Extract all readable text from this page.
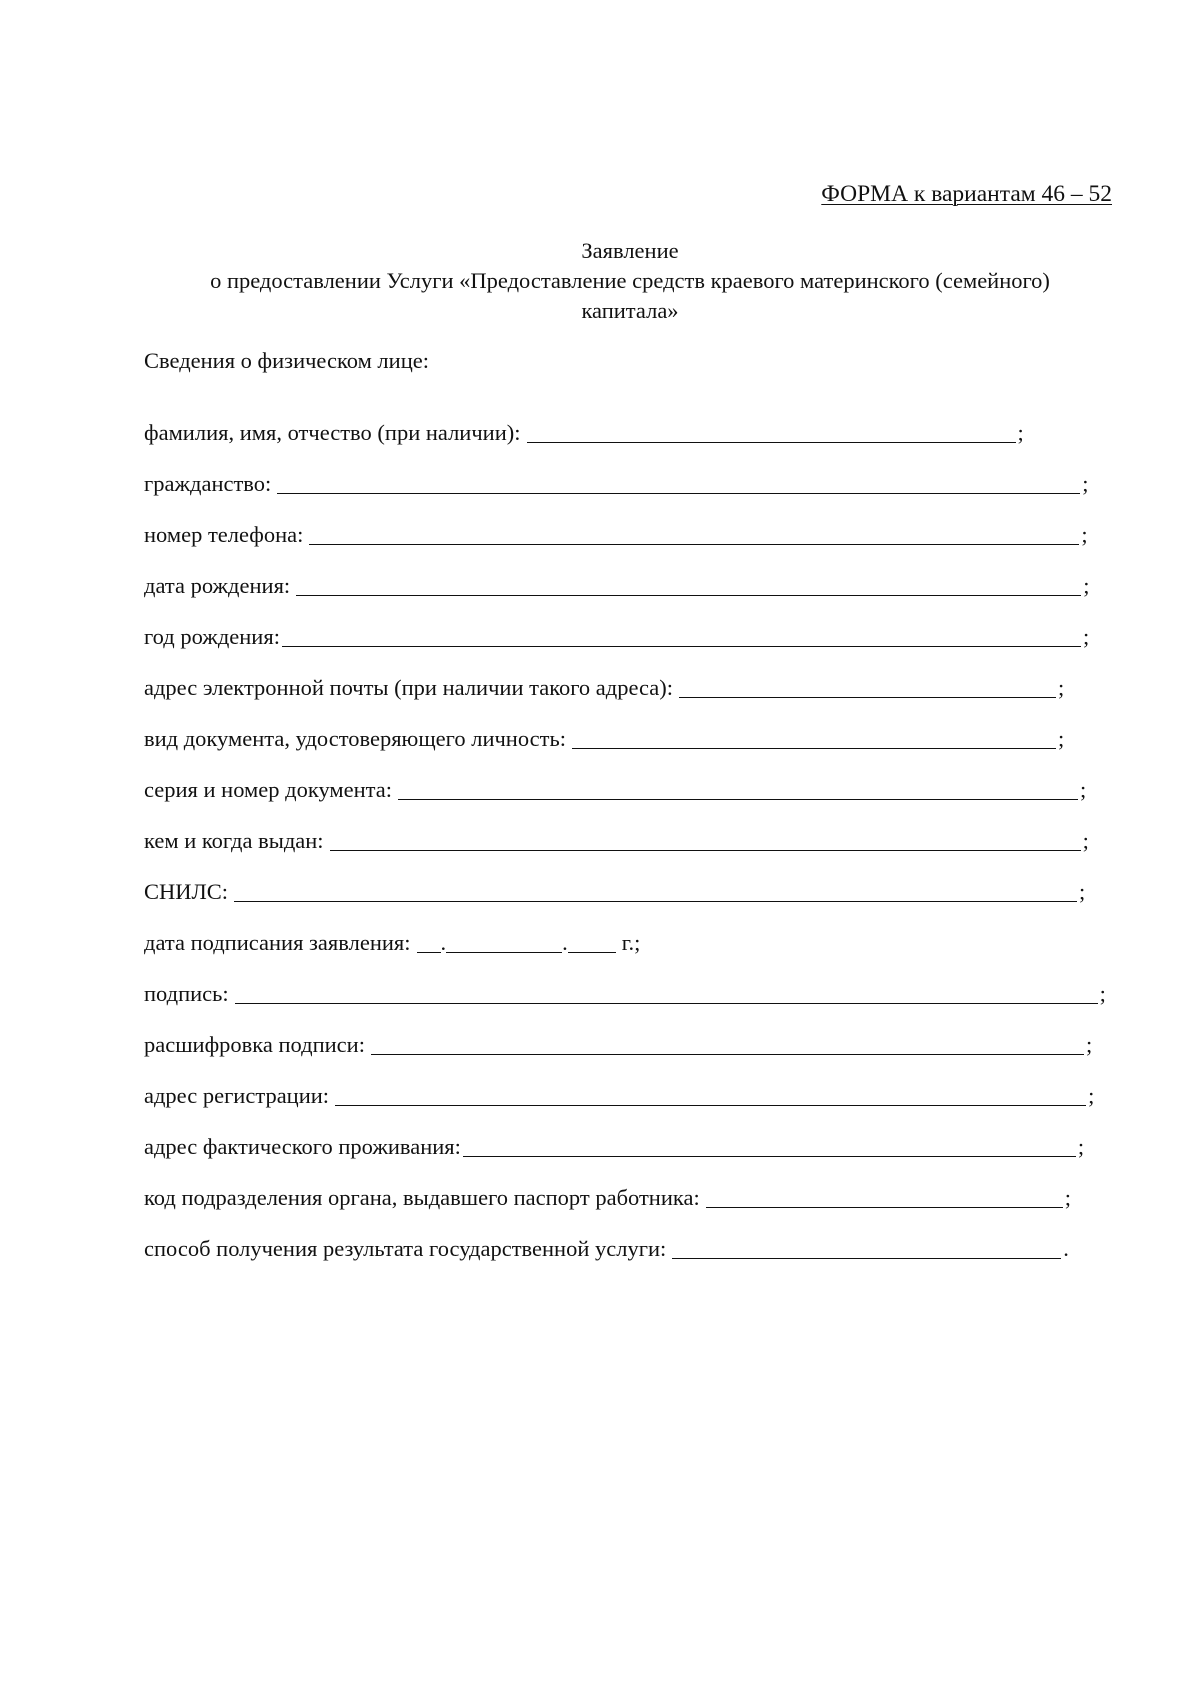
ФОРМА к вариантам 46 – 52
Заявление
о предоставлении Услуги «Предоставление средств краевого материнского (семейного)
капитала»
Сведения о физическом лице:
фамилия, имя, отчество (при наличии):	;
гражданство:	;
номер телефона:	;
дата рождения:	;
год рождения:	;
адрес электронной почты (при наличии такого адреса):	;
вид документа, удостоверяющего личность:	;
серия и номер документа:	;
кем и когда выдан:	;
СНИЛС:	;
дата подписания заявления: .	. г.;
подпись:	;
расшифровка подписи:	;
адрес регистрации:	;
адрес фактического проживания:	;
код подразделения органа, выдавшего паспорт работника:	;
способ получения результата государственной услуги:	.
